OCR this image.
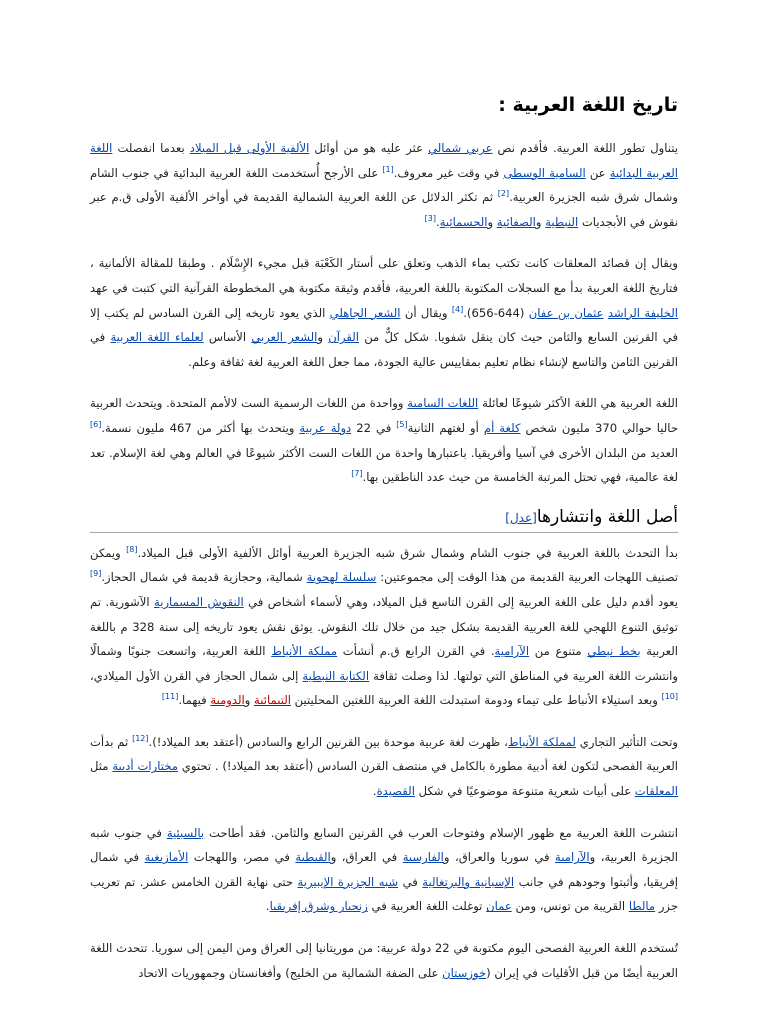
تاريخ اللغة العربية :

يتناول تطور اللغة العربية. فأقدم نص عربي شمالي عثر عليه هو من أوائل الألفية الأولى قبل الميلاد بعدما انفصلت اللغة العربية البدائية عن السامية الوسطى في وقت غير معروف.[1] على الأرجح أُستخدمت اللغة العربية البدائية في جنوب الشام وشمال شرق شبه الجزيرة العربية.[2] ثم تكثر الدلائل عن اللغة العربية الشمالية القديمة في أواخر الألفية الأولى ق.م عبر نقوش في الأبجديات النبطية والصفائية والحسمائية.[3]

ويقال إن قصائد المعلقات كانت تكتب بماء الذهب وتعلق على أستار الكَعْبَة قبل مجيء الإِسْلَام . وطبقا للمقالة الألمانية ، فتاريخ اللغة العربية بدأ مع السجلات المكتوبة باللغة العربية، فأقدم وثيقة مكتوبة هي المخطوطة القرآنية التي كتبت في عهد الخليفة الراشد عثمان بن عفان (644-656).[4] ويقال أن الشعر الجاهلي الذي يعود تاريخه إلى القرن السادس لم يكتب إلا في القرنين السابع والثامن حيث كان ينقل شفويا. شكل كلٌّ من القرآن والشعر العربي الأساس لعلماء اللغة العربية في القرنين الثامن والتاسع لإنشاء نظام تعليم بمقاييس عالية الجودة، مما جعل اللغة العربية لغة ثقافة وعلم.

اللغة العربية هي اللغة الأكثر شيوعًا لعائلة اللغات السامية وواحدة من اللغات الرسمية الست لالأمم المتحدة. ويتحدث العربية حاليا حوالي 370 مليون شخص كلغة أم أو لغتهم الثانية[5] في 22 دولة عربية ويتحدث بها أكثر من 467 مليون نسمة.[6] العديد من البلدان الأخرى في آسيا وأفريقيا. باعتبارها واحدة من اللغات الست الأكثر شيوعًا في العالم وهي لغة الإسلام. تعد لغة عالمية، فهي تحتل المرتبة الخامسة من حيث عدد الناطقين بها.[7]

أصل اللغة وانتشارها[عدل]

بدأ التحدث باللغة العربية في جنوب الشام وشمال شرق شبه الجزيرة العربية أوائل الألفية الأولى قبل الميلاد.[8] ويمكن تصنيف اللهجات العربية القديمة من هذا الوقت إلى مجموعتين: سلسلة لهجوية شمالية، وحجازية قديمة في شمال الحجاز.[9] يعود أقدم دليل على اللغة العربية إلى القرن التاسع قبل الميلاد، وهي لأسماء أشخاص في النقوش المسمارية الآشورية. تم توثيق التنوع اللهجي للغة العربية القديمة بشكل جيد من خلال تلك النقوش. يوثق نقش يعود تاريخه إلى سنة 328 م باللغة العربية بخط نبطي متنوع من الآرامية. في القرن الرابع ق.م أنشأت مملكة الأنباط اللغة العربية، واتسعت جنوبًا وشمالًا وانتشرت اللغة العربية في المناطق التي تولتها. لذا وصلت ثقافة الكتابة النبطية إلى شمال الحجاز في القرن الأول الميلادي،[10] وبعد استيلاء الأنباط على تيماء ودومة استبدلت اللغة العربية اللغتين المحليتين التيمائية والدومية فيهما.[11]

وتحت التأثير التجاري لمملكة الأنباط، ظهرت لغة عربية موحدة بين القرنين الرابع والسادس (أعتقد بعد الميلاد!).[12] ثم بدأت العربية الفصحى لتكون لغة أدبية مطورة بالكامل في منتصف القرن السادس (أعتقد بعد الميلاد!) . تحتوي مختارات أدبية مثل المعلقات على أبيات شعرية متنوعة موضوعيًا في شكل القصيدة.

انتشرت اللغة العربية مع ظهور الإسلام وفتوحات العرب في القرنين السابع والثامن. فقد أطاحت بالسبئية في جنوب شبه الجزيرة العربية، والآرامية في سوريا والعراق، والفارسية في العراق، والقبطية في مصر، واللهجات الأمازيغية في شمال إفريقيا، وأثبتوا وجودهم في جانب الإسبانية والبرتغالية في شبه الجزيرة الإيبيرية حتى نهاية القرن الخامس عشر. تم تعريب جزر مالطا القريبة من تونس، ومن عمان توغلت اللغة العربية في زنجبار وشرق إفريقيا.

تُستخدم اللغة العربية الفصحى اليوم مكتوبة في 22 دولة عربية: من موريتانيا إلى العراق ومن اليمن إلى سوريا. تتحدث اللغة العربية أيضًا من قبل الأقليات في إيران (خوزستان على الضفة الشمالية من الخليج) وأفغانستان وجمهوريات الاتحاد
